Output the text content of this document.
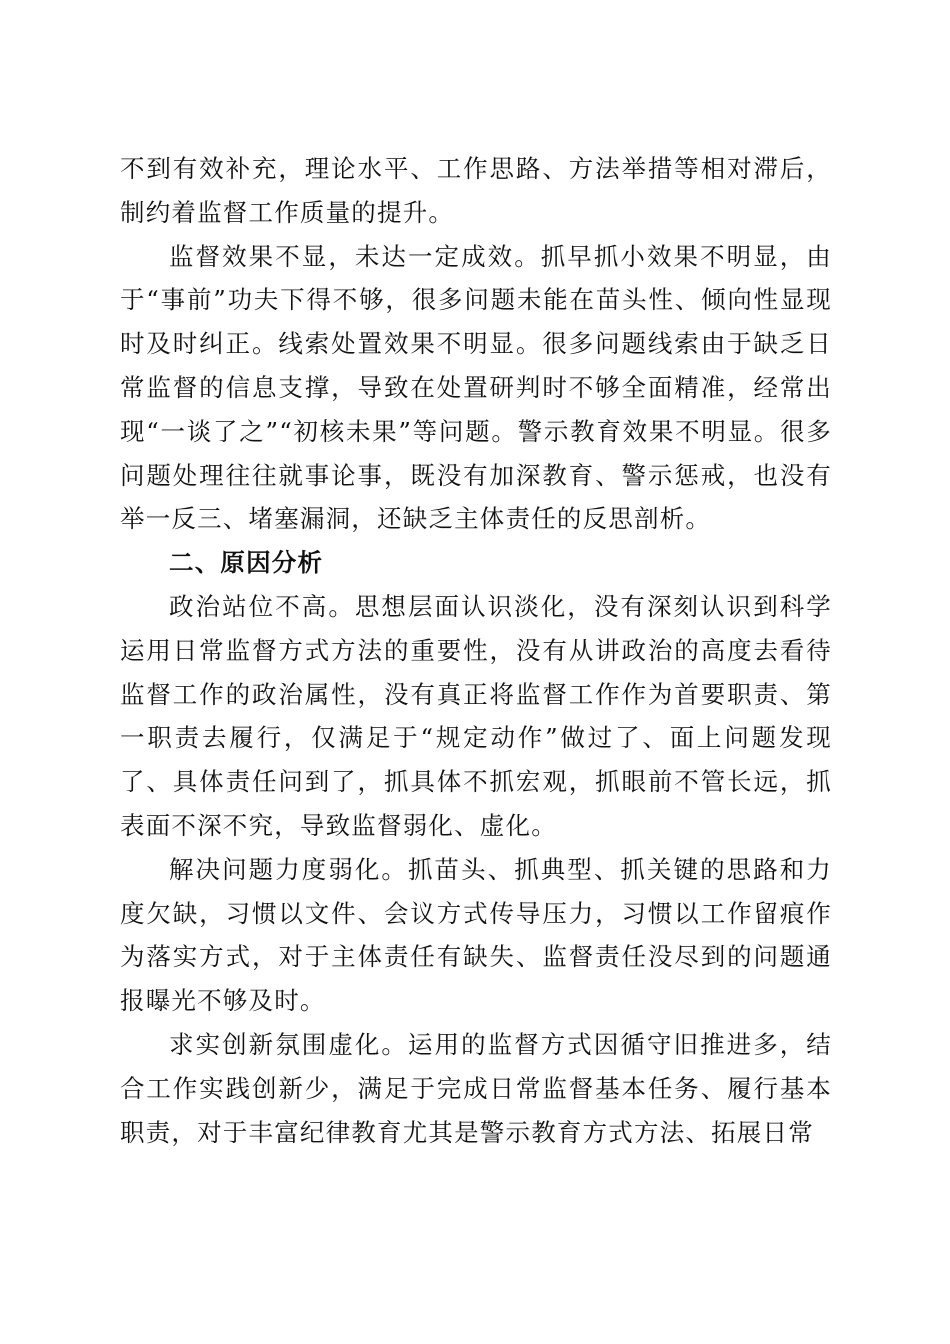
不到有效补充，理论水平、工作思路、方法举措等相对滞后，制约着监督工作质量的提升。

监督效果不显，未达一定成效。抓早抓小效果不明显，由于“事前”功夫下得不够，很多问题未能在苗头性、倾向性显现时及时纠正。线索处置效果不明显。很多问题线索由于缺乏日常监督的信息支撑，导致在处置研判时不够全面精准，经常出现“一谈了之”“初核未果”等问题。警示教育效果不明显。很多问题处理往往就事论事，既没有加深教育、警示惩戒，也没有举一反三、堵塞漏洞，还缺乏主体责任的反思剖析。

二、原因分析

政治站位不高。思想层面认识淡化，没有深刻认识到科学运用日常监督方式方法的重要性，没有从讲政治的高度去看待监督工作的政治属性，没有真正将监督工作作为首要职责、第一职责去履行，仅满足于“规定动作”做过了、面上问题发现了、具体责任问到了，抓具体不抓宏观，抓眼前不管长远，抓表面不深不究，导致监督弱化、虚化。

解决问题力度弱化。抓苗头、抓典型、抓关键的思路和力度欠缺，习惯以文件、会议方式传导压力，习惯以工作留痕作为落实方式，对于主体责任有缺失、监督责任没尽到的问题通报曝光不够及时。

求实创新氛围虚化。运用的监督方式因循守旧推进多，结合工作实践创新少，满足于完成日常监督基本任务、履行基本职责，对于丰富纪律教育尤其是警示教育方式方法、拓展日常
